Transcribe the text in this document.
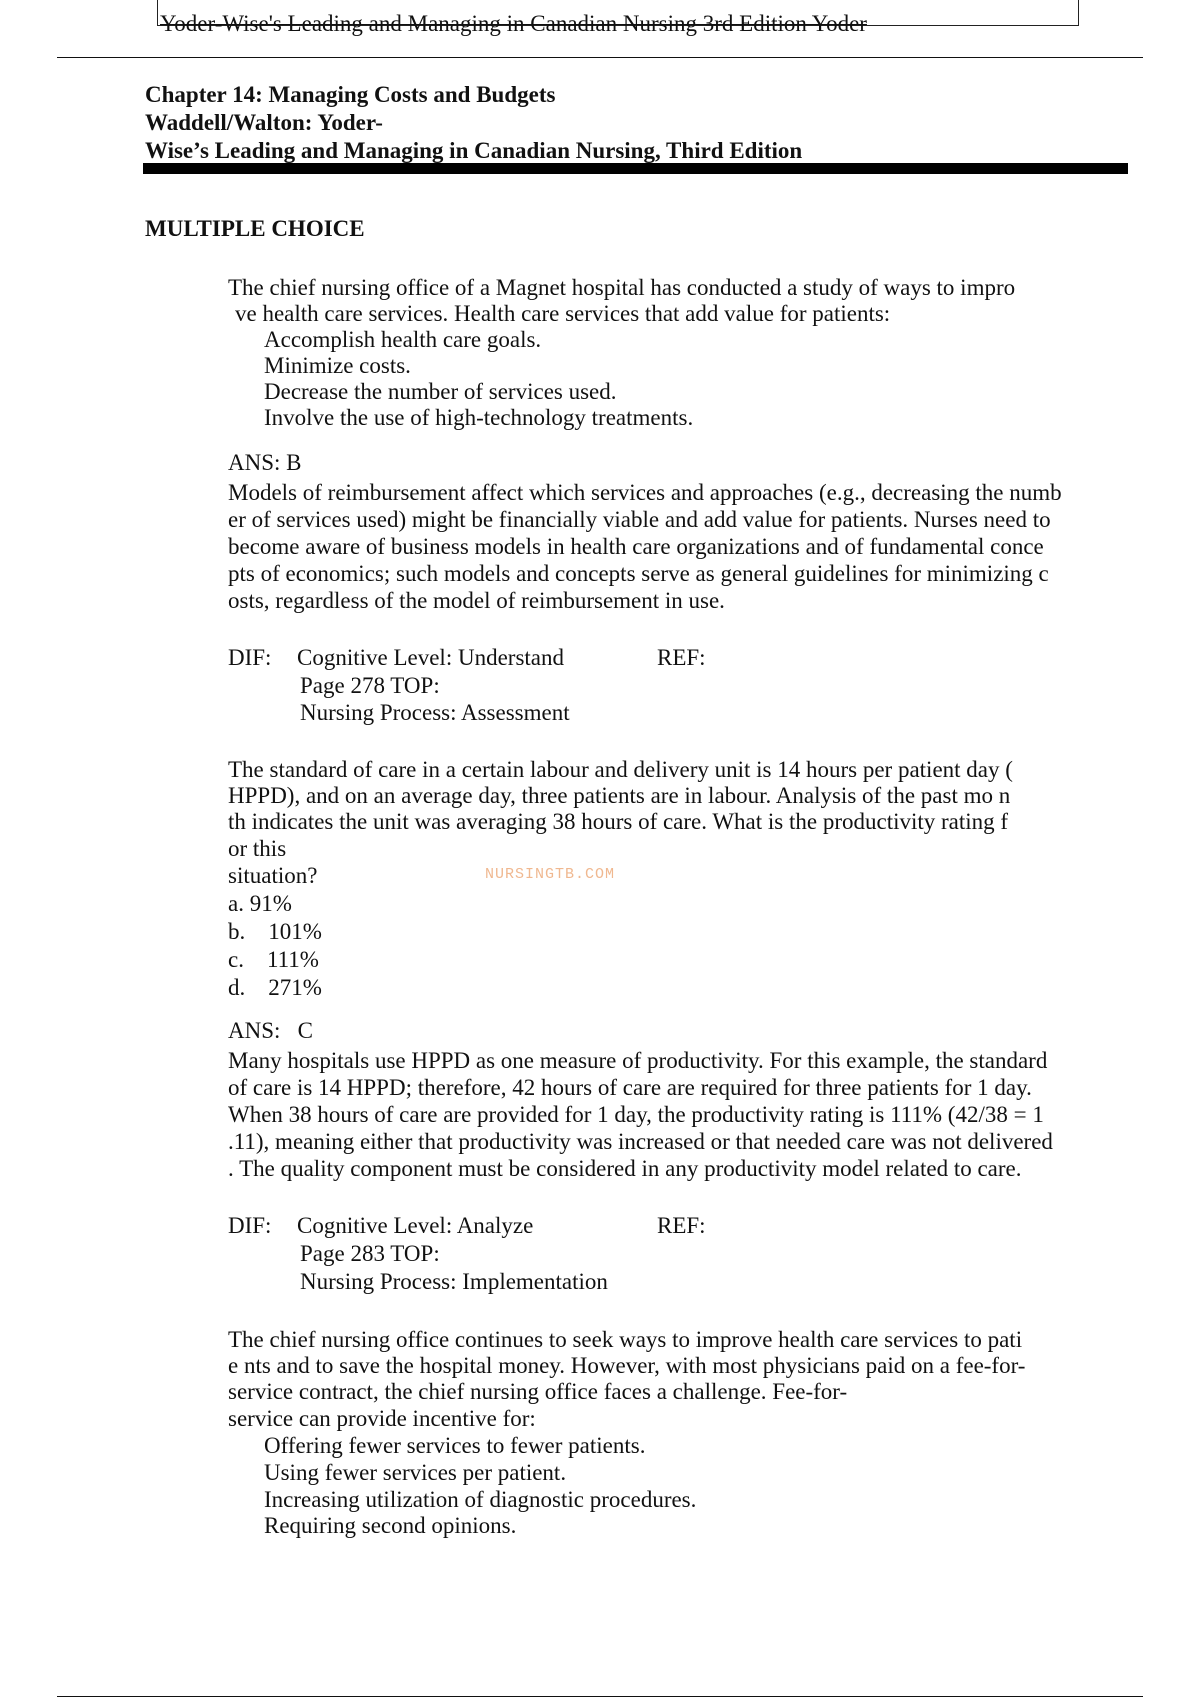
Yoder-Wise's Leading and Managing in Canadian Nursing 3rd Edition Yoder
Chapter 14: Managing Costs and Budgets
Waddell/Walton: Yoder-
Wise’s Leading and Managing in Canadian Nursing, Third Edition
MULTIPLE CHOICE
The chief nursing office of a Magnet hospital has conducted a study of ways to impro
ve health care services. Health care services that add value for patients:
Accomplish health care goals.
Minimize costs.
Decrease the number of services used.
Involve the use of high-technology treatments.
ANS: B
Models of reimbursement affect which services and approaches (e.g., decreasing the numb
er of services used) might be financially viable and add value for patients. Nurses need to
become aware of business models in health care organizations and of fundamental conce
pts of economics; such models and concepts serve as general guidelines for minimizing c
osts, regardless of the model of reimbursement in use.
DIF: Cognitive Level: Understand	REF:
Page 278 TOP:
Nursing Process: Assessment
The standard of care in a certain labour and delivery unit is 14 hours per patient day (
HPPD), and on an average day, three patients are in labour. Analysis of the past mo n
th indicates the unit was averaging 38 hours of care. What is the productivity rating f
or this
situation?	NURSINGTB.COM
a. 91%
b.    101%
c.    111%
d.    271%
ANS:   C
Many hospitals use HPPD as one measure of productivity. For this example, the standard
of care is 14 HPPD; therefore, 42 hours of care are required for three patients for 1 day.
When 38 hours of care are provided for 1 day, the productivity rating is 111% (42/38 = 1
.11), meaning either that productivity was increased or that needed care was not delivered
. The quality component must be considered in any productivity model related to care.
DIF: Cognitive Level: Analyze	REF:
Page 283 TOP:
Nursing Process: Implementation
The chief nursing office continues to seek ways to improve health care services to pati
e nts and to save the hospital money. However, with most physicians paid on a fee-for-
service contract, the chief nursing office faces a challenge. Fee-for-
service can provide incentive for:
Offering fewer services to fewer patients.
Using fewer services per patient.
Increasing utilization of diagnostic procedures.
Requiring second opinions.
